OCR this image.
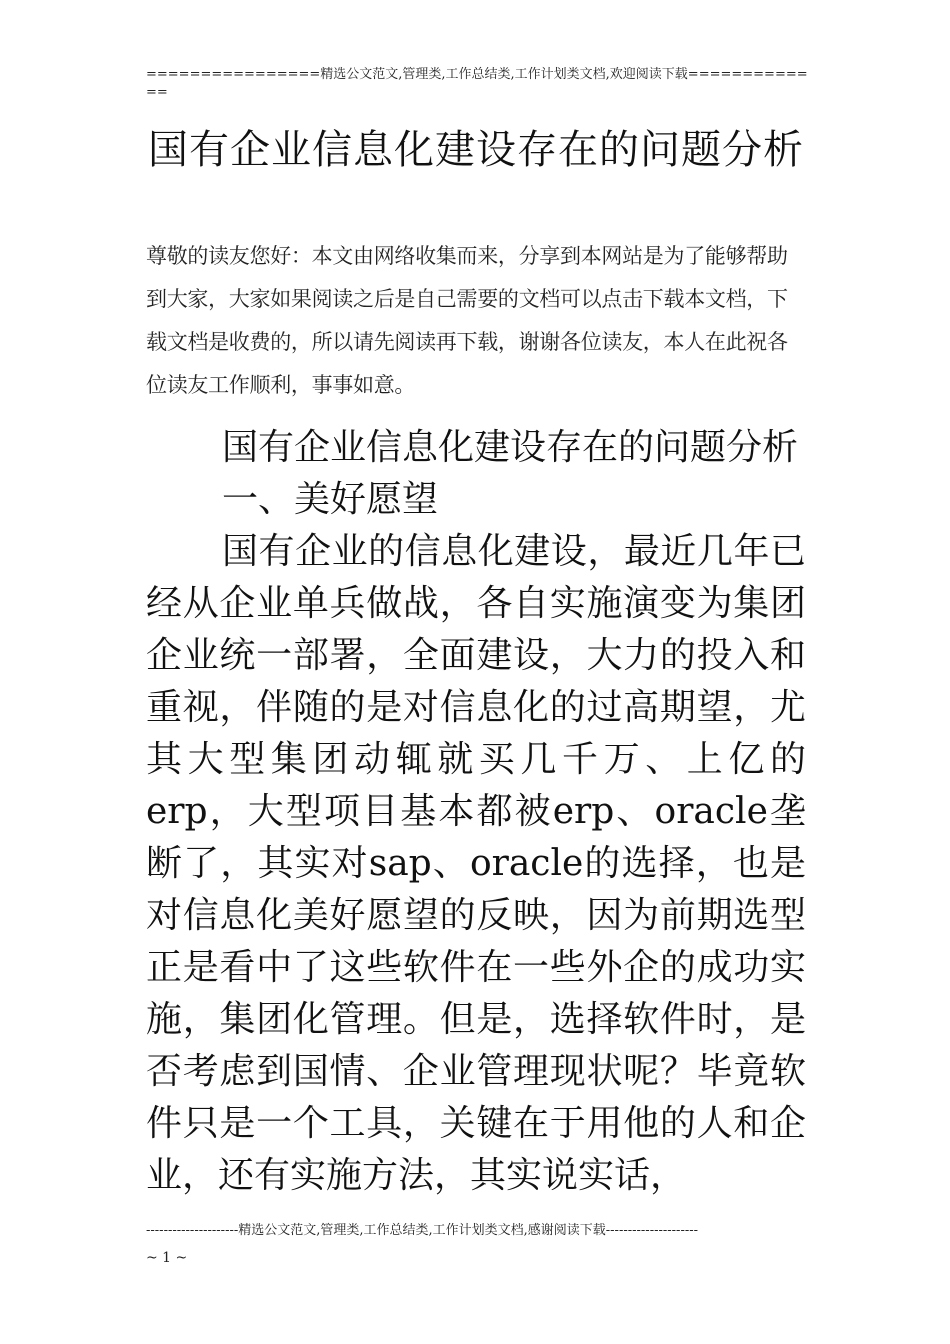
================精选公文范文,管理类,工作总结类,工作计划类文档,欢迎阅读下载=============
国有企业信息化建设存在的问题分析
尊敬的读友您好：本文由网络收集而来，分享到本网站是为了能够帮助到大家，大家如果阅读之后是自己需要的文档可以点击下载本文档，下载文档是收费的，所以请先阅读再下载，谢谢各位读友，本人在此祝各位读友工作顺利，事事如意。

国有企业信息化建设存在的问题分析

一、美好愿望

国有企业的信息化建设，最近几年已经从企业单兵做战，各自实施演变为集团企业统一部署，全面建设，大力的投入和重视，伴随的是对信息化的过高期望，尤其大型集团动辄就买几千万、上亿的erp，大型项目基本都被erp、oracle垄断了，其实对sap、oracle的选择，也是对信息化美好愿望的反映，因为前期选型正是看中了这些软件在一些外企的成功实施，集团化管理。但是，选择软件时，是否考虑到国情、企业管理现状呢？毕竟软件只是一个工具，关键在于用他的人和企业，还有实施方法，其实说实话，

---------------------精选公文范文,管理类,工作总结类,工作计划类文档,感谢阅读下载---------------------
~ 1 ~
